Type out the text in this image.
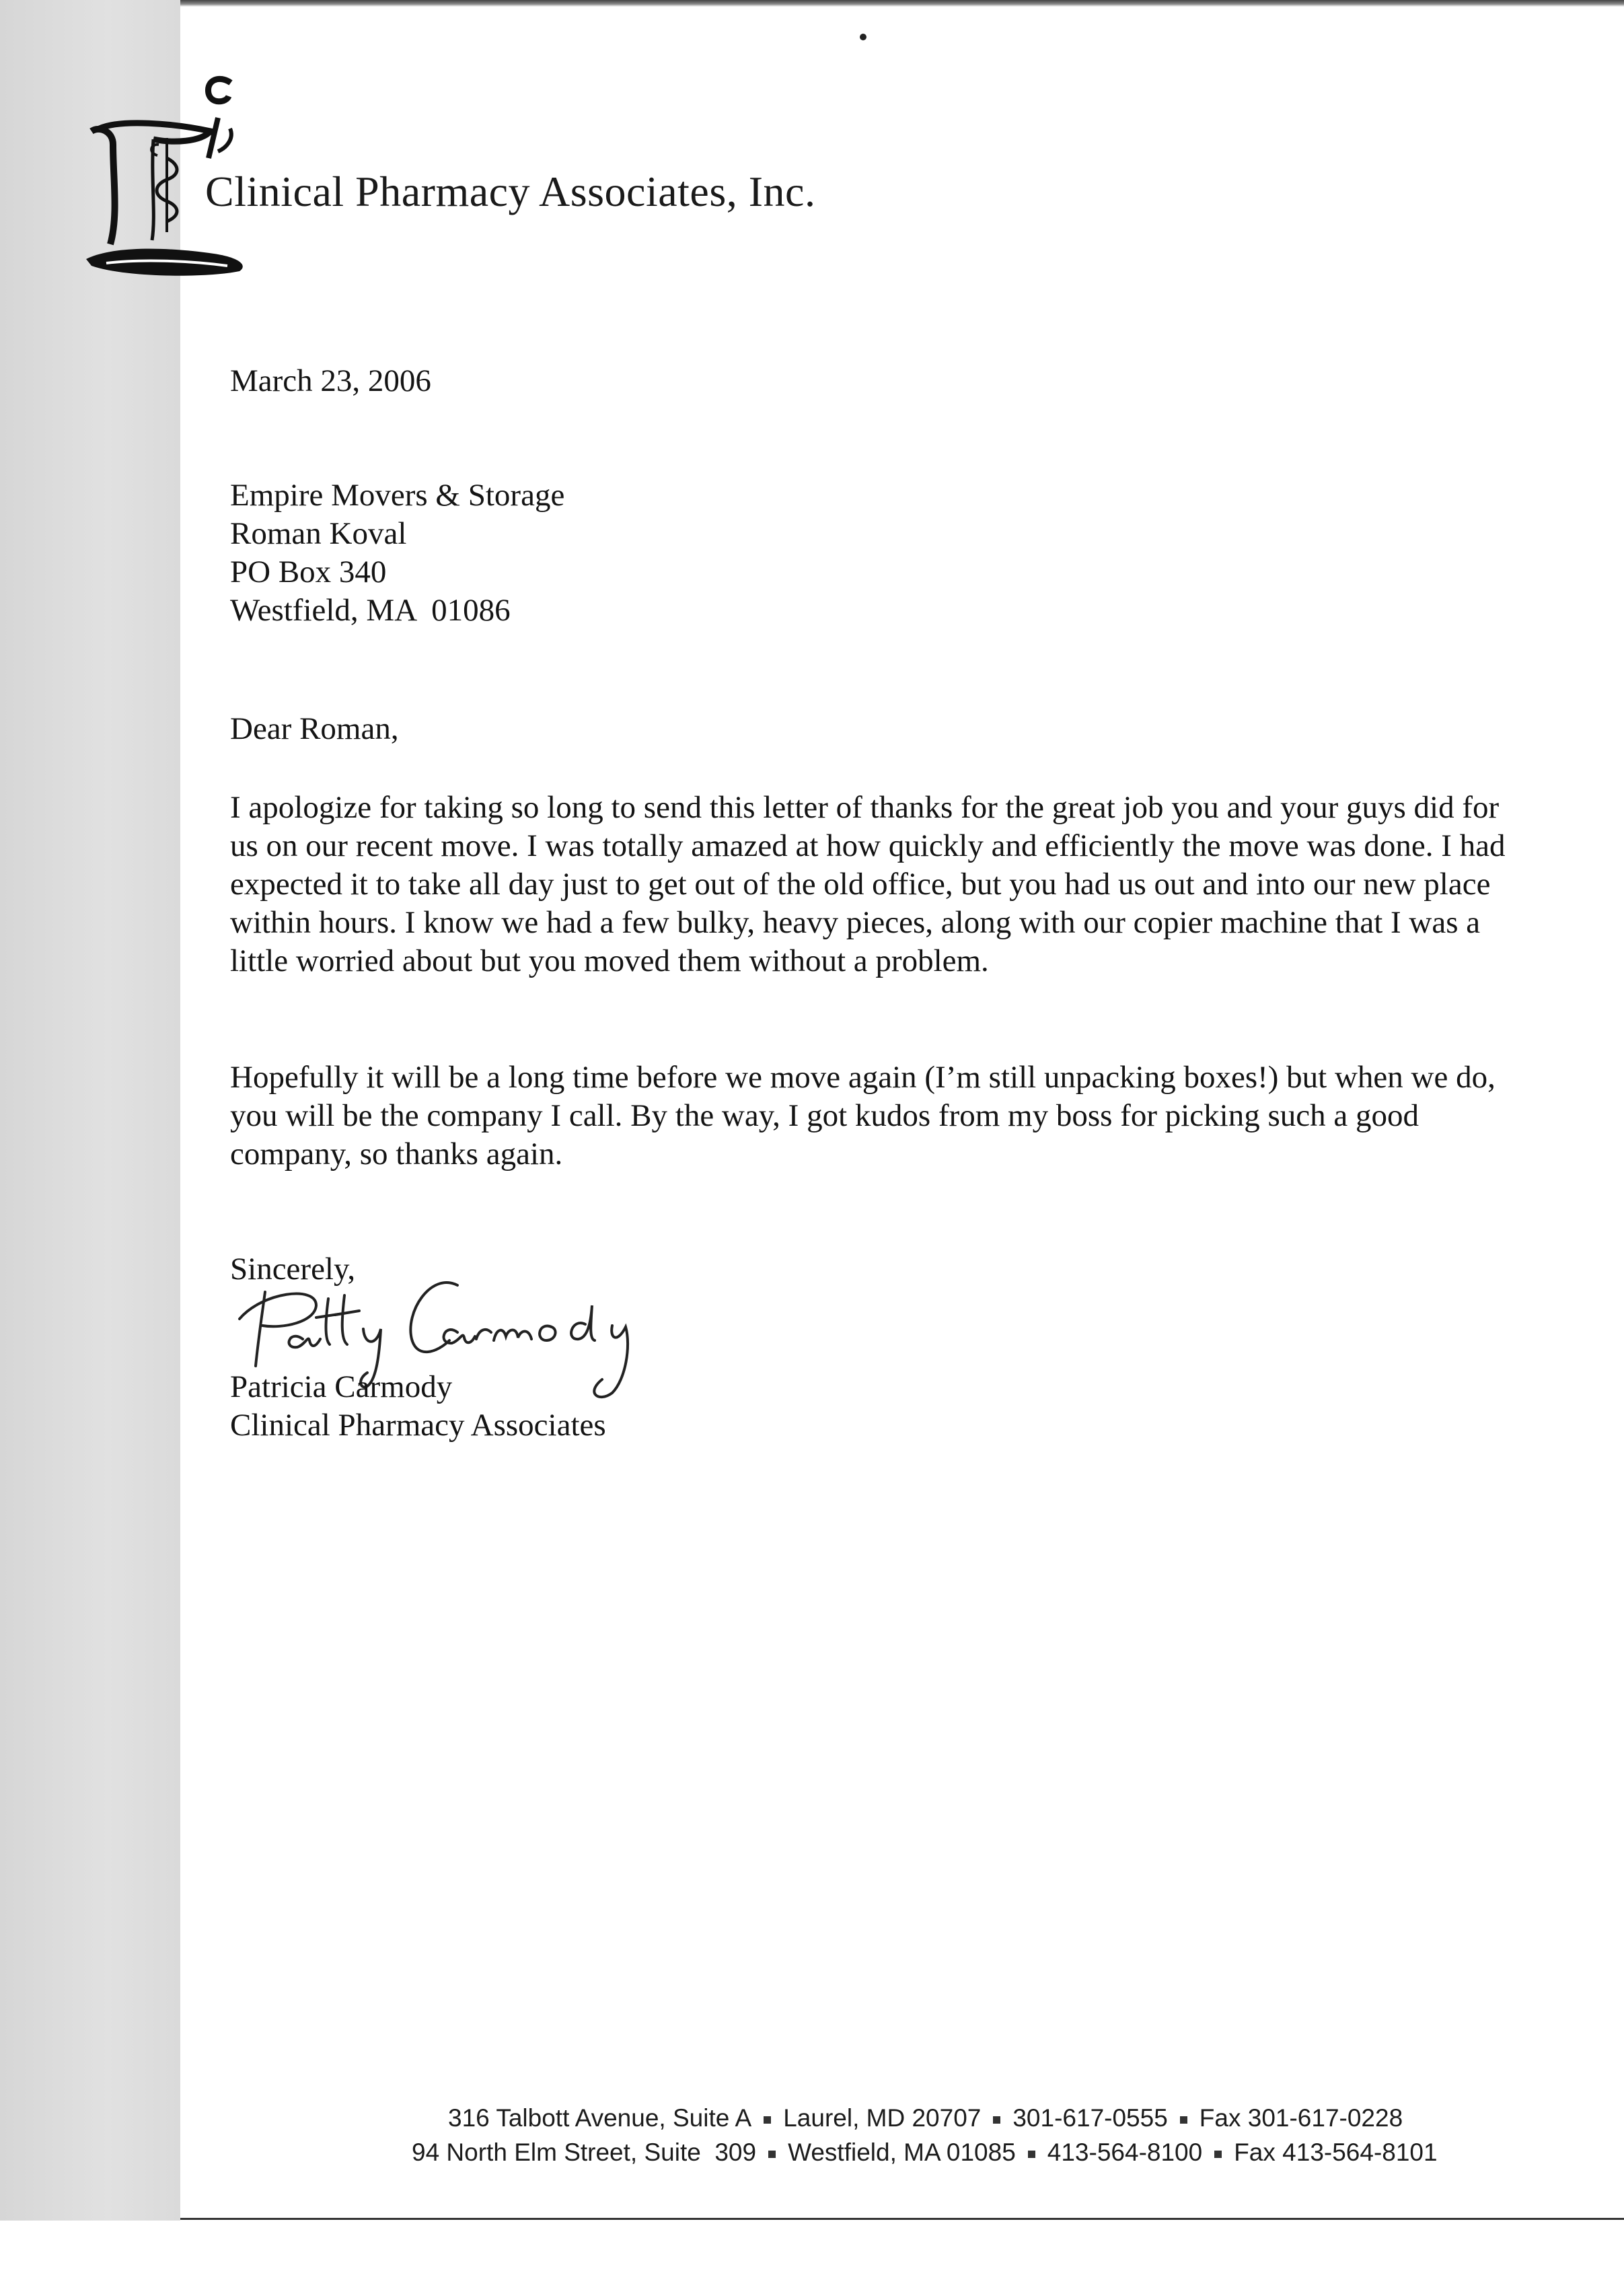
Clinical Pharmacy Associates, Inc.
March 23, 2006
Empire Movers & Storage
Roman Koval
PO Box 340
Westfield, MA  01086
Dear Roman,
I apologize for taking so long to send this letter of thanks for the great job you and your guys did for us on our recent move. I was totally amazed at how quickly and efficiently the move was done. I had expected it to take all day just to get out of the old office, but you had us out and into our new place within hours. I know we had a few bulky, heavy pieces, along with our copier machine that I was a little worried about but you moved them without a problem.
Hopefully it will be a long time before we move again (I’m still unpacking boxes!) but when we do, you will be the company I call. By the way, I got kudos from my boss for picking such a good company, so thanks again.
Sincerely,
Patricia Carmody
Clinical Pharmacy Associates
316 Talbott Avenue, Suite A Laurel, MD 20707 301-617-0555 Fax 301-617-0228
94 North Elm Street, Suite  309 Westfield, MA 01085 413-564-8100 Fax 413-564-8101
